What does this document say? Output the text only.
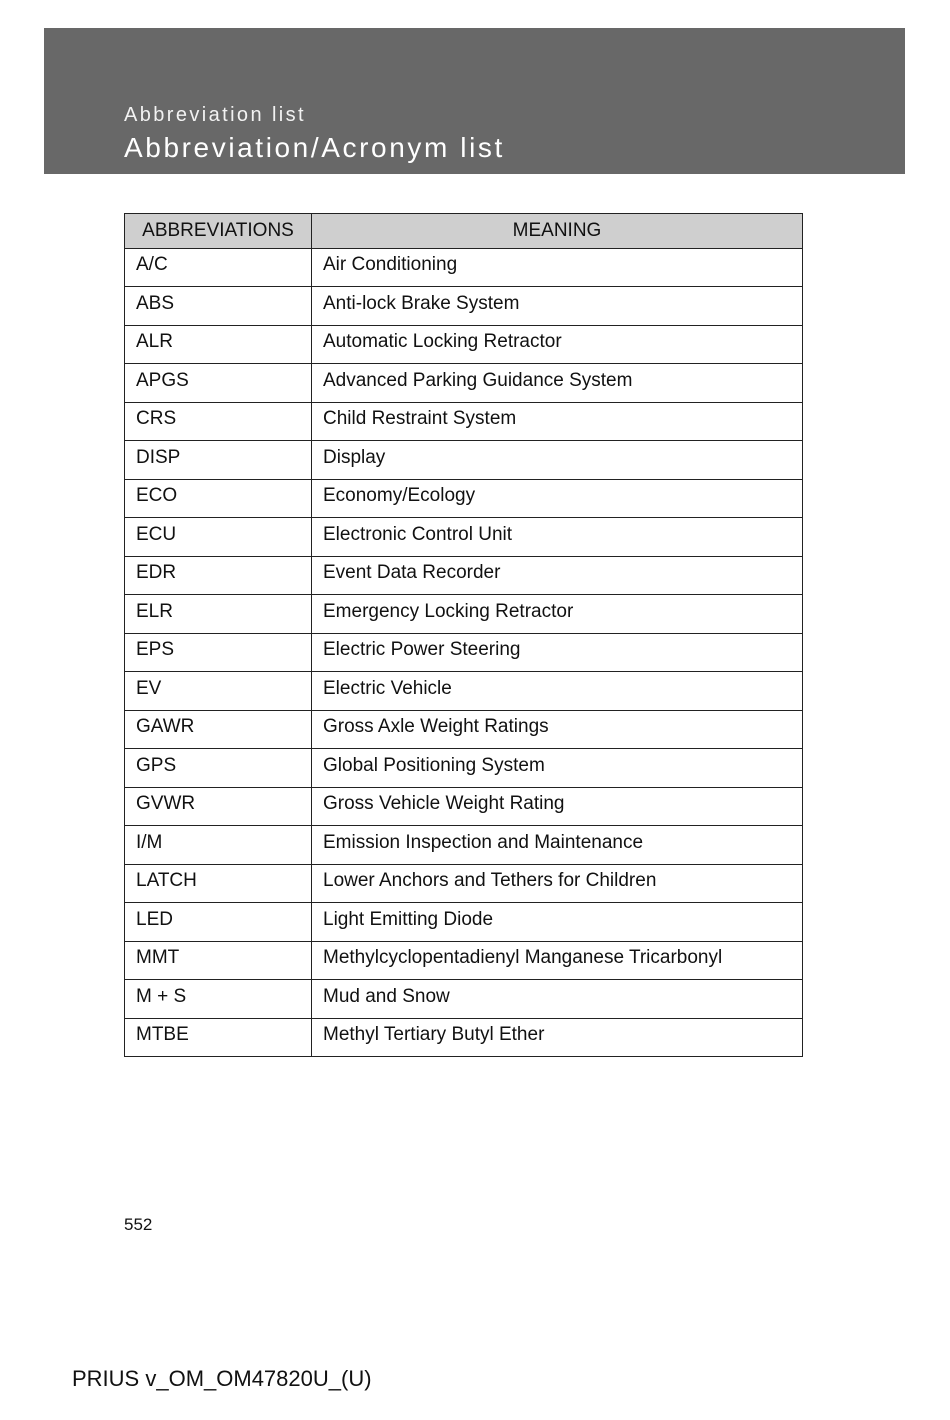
Abbreviation list
Abbreviation/Acronym list
ABBREVIATIONS	MEANING
A/C	Air Conditioning
ABS	Anti-lock Brake System
ALR	Automatic Locking Retractor
APGS	Advanced Parking Guidance System
CRS	Child Restraint System
DISP	Display
ECO	Economy/Ecology
ECU	Electronic Control Unit
EDR	Event Data Recorder
ELR	Emergency Locking Retractor
EPS	Electric Power Steering
EV	Electric Vehicle
GAWR	Gross Axle Weight Ratings
GPS	Global Positioning System
GVWR	Gross Vehicle Weight Rating
I/M	Emission Inspection and Maintenance
LATCH	Lower Anchors and Tethers for Children
LED	Light Emitting Diode
MMT	Methylcyclopentadienyl Manganese Tricarbonyl
M + S	Mud and Snow
MTBE	Methyl Tertiary Butyl Ether
552
PRIUS v_OM_OM47820U_(U)
